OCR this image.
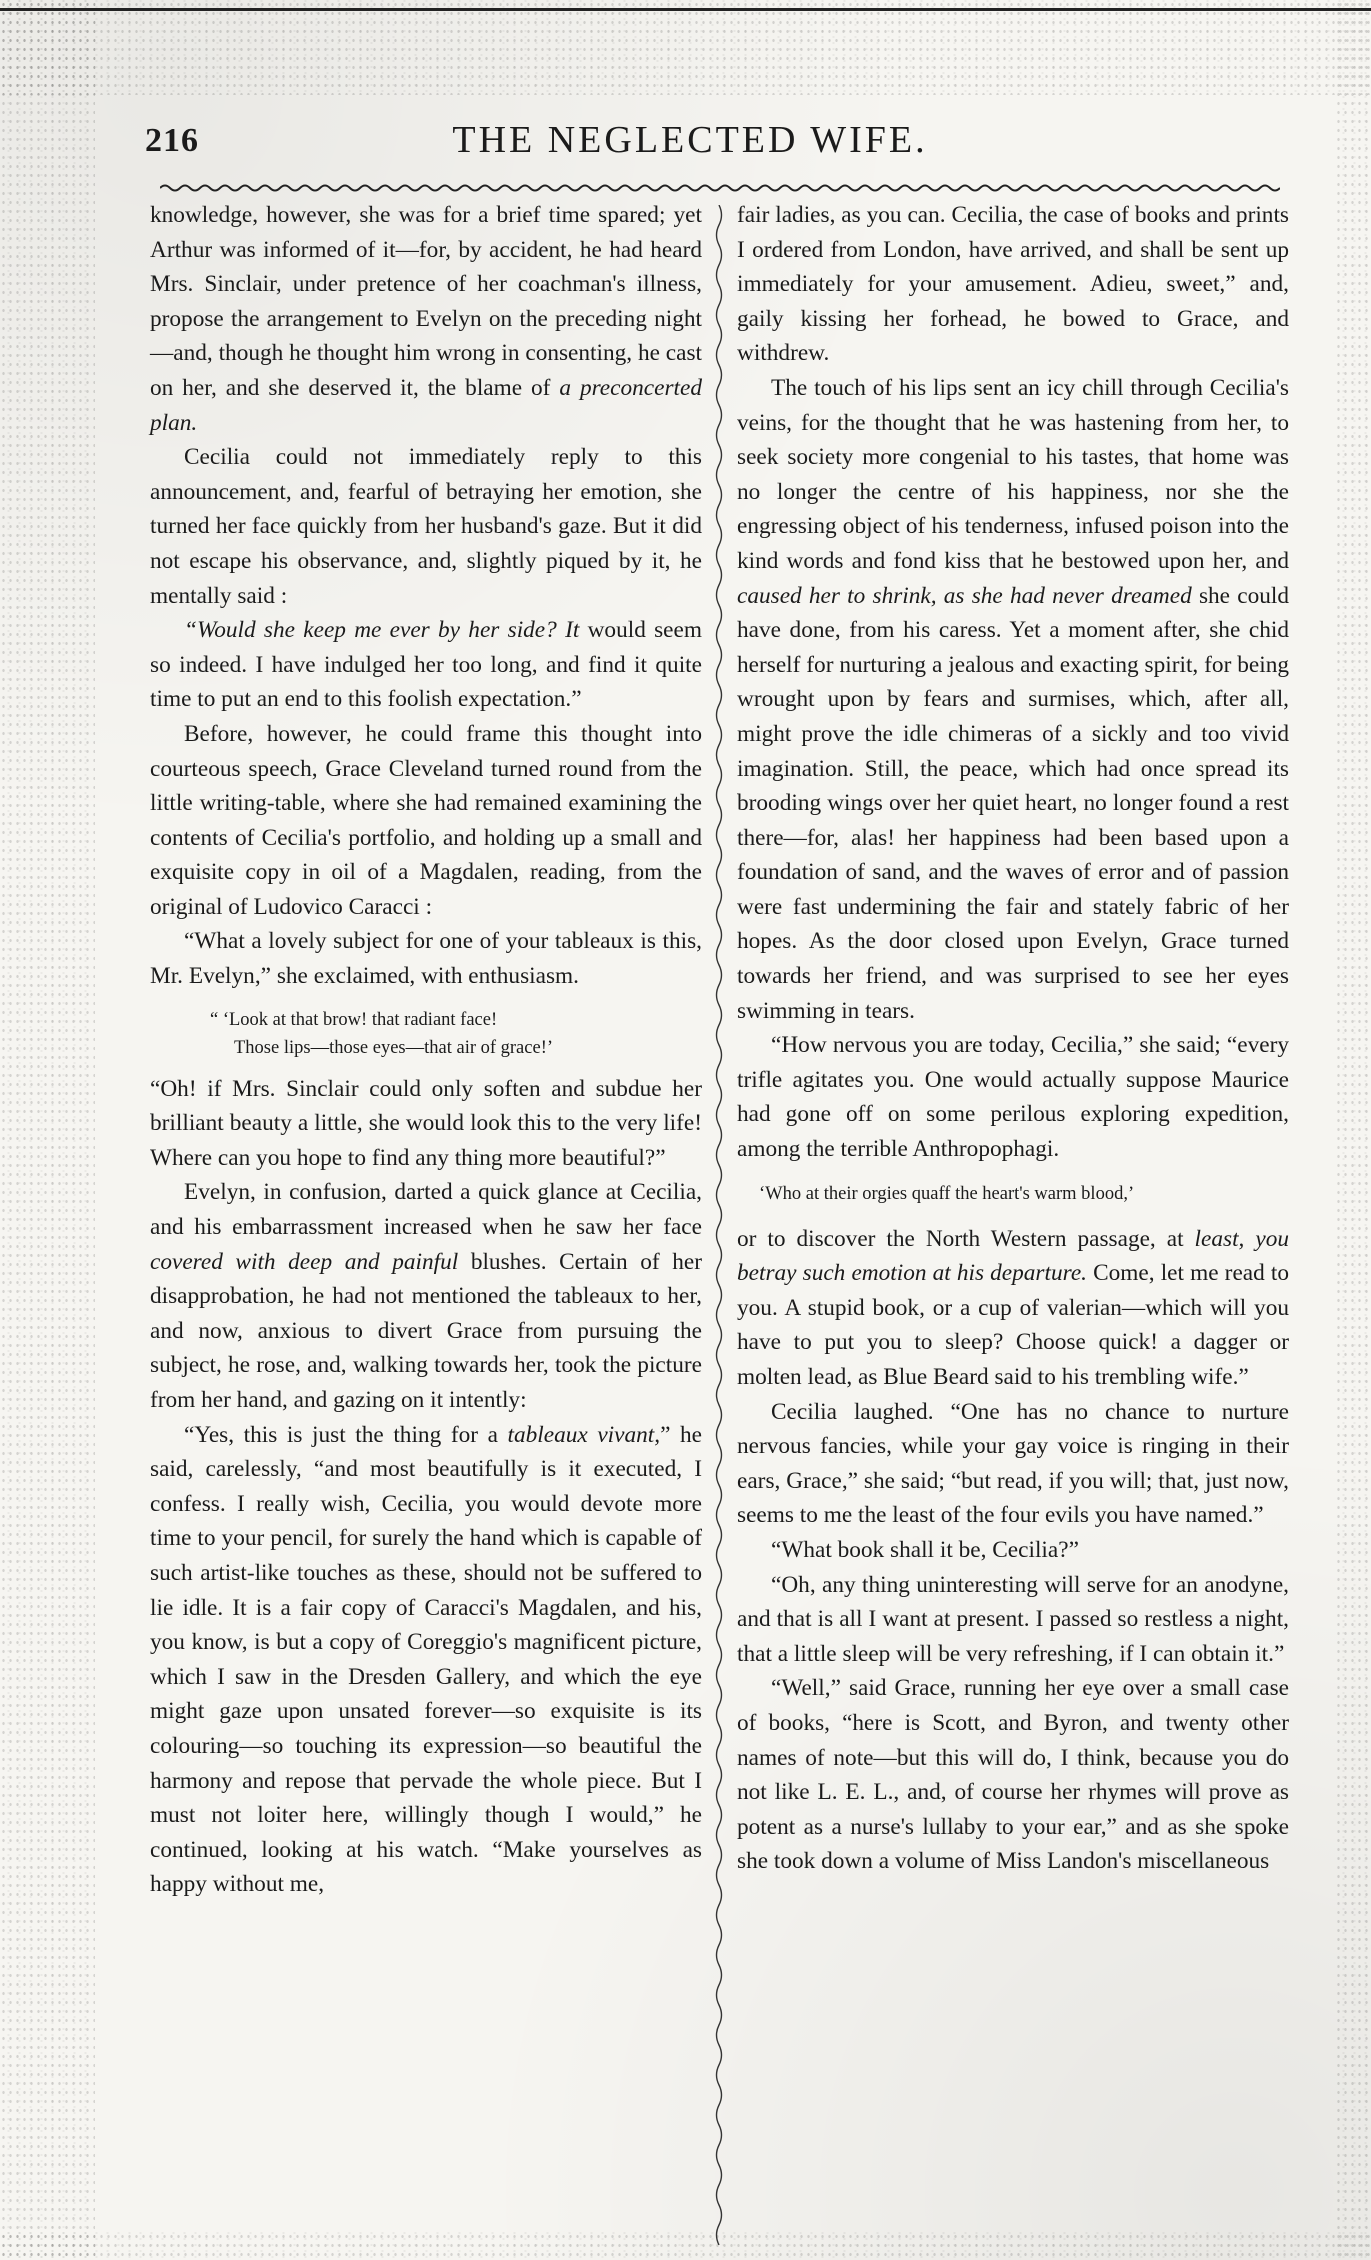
216	THE NEGLECTED WIFE.

knowledge, however, she was for a brief time spared; yet Arthur was informed of it—for, by accident, he had heard Mrs. Sinclair, under pretence of her coachman's illness, propose the arrangement to Evelyn on the preceding night—and, though he thought him wrong in consenting, he cast on her, and she deserved it, the blame of a preconcerted plan.

Cecilia could not immediately reply to this announcement, and, fearful of betraying her emotion, she turned her face quickly from her husband's gaze. But it did not escape his observance, and, slightly piqued by it, he mentally said :

“Would she keep me ever by her side? It would seem so indeed. I have indulged her too long, and find it quite time to put an end to this foolish expectation.”

Before, however, he could frame this thought into courteous speech, Grace Cleveland turned round from the little writing-table, where she had remained examining the contents of Cecilia's portfolio, and holding up a small and exquisite copy in oil of a Magdalen, reading, from the original of Ludovico Caracci :

“What a lovely subject for one of your tableaux is this, Mr. Evelyn,” she exclaimed, with enthusiasm.

“ ‘Look at that brow! that radiant face!
Those lips—those eyes—that air of grace!’

“Oh! if Mrs. Sinclair could only soften and subdue her brilliant beauty a little, she would look this to the very life! Where can you hope to find any thing more beautiful?”

Evelyn, in confusion, darted a quick glance at Cecilia, and his embarrassment increased when he saw her face covered with deep and painful blushes. Certain of her disapprobation, he had not mentioned the tableaux to her, and now, anxious to divert Grace from pursuing the subject, he rose, and, walking towards her, took the picture from her hand, and gazing on it intently:

“Yes, this is just the thing for a tableaux vivant,” he said, carelessly, “and most beautifully is it executed, I confess. I really wish, Cecilia, you would devote more time to your pencil, for surely the hand which is capable of such artist-like touches as these, should not be suffered to lie idle. It is a fair copy of Caracci's Magdalen, and his, you know, is but a copy of Coreggio's magnificent picture, which I saw in the Dresden Gallery, and which the eye might gaze upon unsated forever—so exquisite is its colouring—so touching its expression—so beautiful the harmony and repose that pervade the whole piece. But I must not loiter here, willingly though I would,” he continued, looking at his watch. “Make yourselves as happy without me,

fair ladies, as you can. Cecilia, the case of books and prints I ordered from London, have arrived, and shall be sent up immediately for your amusement. Adieu, sweet,” and, gaily kissing her forhead, he bowed to Grace, and withdrew.

The touch of his lips sent an icy chill through Cecilia's veins, for the thought that he was hastening from her, to seek society more congenial to his tastes, that home was no longer the centre of his happiness, nor she the engressing object of his tenderness, infused poison into the kind words and fond kiss that he bestowed upon her, and caused her to shrink, as she had never dreamed she could have done, from his caress. Yet a moment after, she chid herself for nurturing a jealous and exacting spirit, for being wrought upon by fears and surmises, which, after all, might prove the idle chimeras of a sickly and too vivid imagination. Still, the peace, which had once spread its brooding wings over her quiet heart, no longer found a rest there—for, alas! her happiness had been based upon a foundation of sand, and the waves of error and of passion were fast undermining the fair and stately fabric of her hopes. As the door closed upon Evelyn, Grace turned towards her friend, and was surprised to see her eyes swimming in tears.

“How nervous you are today, Cecilia,” she said; “every trifle agitates you. One would actually suppose Maurice had gone off on some perilous exploring expedition, among the terrible Anthropophagi.

‘Who at their orgies quaff the heart's warm blood,’

or to discover the North Western passage, at least, you betray such emotion at his departure. Come, let me read to you. A stupid book, or a cup of valerian—which will you have to put you to sleep? Choose quick! a dagger or molten lead, as Blue Beard said to his trembling wife.”

Cecilia laughed. “One has no chance to nurture nervous fancies, while your gay voice is ringing in their ears, Grace,” she said; “but read, if you will; that, just now, seems to me the least of the four evils you have named.”

“What book shall it be, Cecilia?”

“Oh, any thing uninteresting will serve for an anodyne, and that is all I want at present. I passed so restless a night, that a little sleep will be very refreshing, if I can obtain it.”

“Well,” said Grace, running her eye over a small case of books, “here is Scott, and Byron, and twenty other names of note—but this will do, I think, because you do not like L. E. L., and, of course her rhymes will prove as potent as a nurse's lullaby to your ear,” and as she spoke she took down a volume of Miss Landon's miscellaneous
